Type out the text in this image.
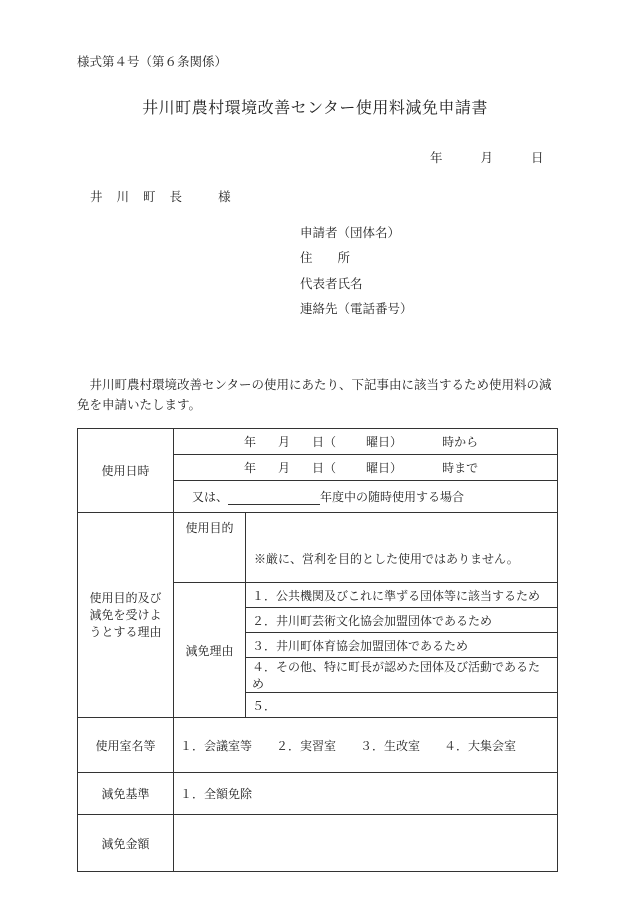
様式第４号（第６条関係）
井川町農村環境改善センター使用料減免申請書
年	月	日
井 川 町 長	様
申請者（団体名）
住　　所
代表者氏名
連絡先（電話番号）
　井川町農村環境改善センターの使用にあたり、下記事由に該当するため使用料の減免を申請いたします。
使用日時	年 月 日（ 曜日） 時から	
	年 月 日（ 曜日） 時まで	
	又は、 年度中の随時使用する場合	
使用目的及び減免を受けようとする理由	使用目的	※厳に、営利を目的とした使用ではありません。

	減免理由	１．公共機関及びこれに準ずる団体等に該当するため
		２．井川町芸術文化協会加盟団体であるため
		３．井川町体育協会加盟団体であるため
		４．その他、特に町長が認めた団体及び活動であるため
		５．
使用室名等	１．会議室等 ２．実習室 ３．生改室 ４．大集会室	
減免基準	１．全額免除	
減免金額		
